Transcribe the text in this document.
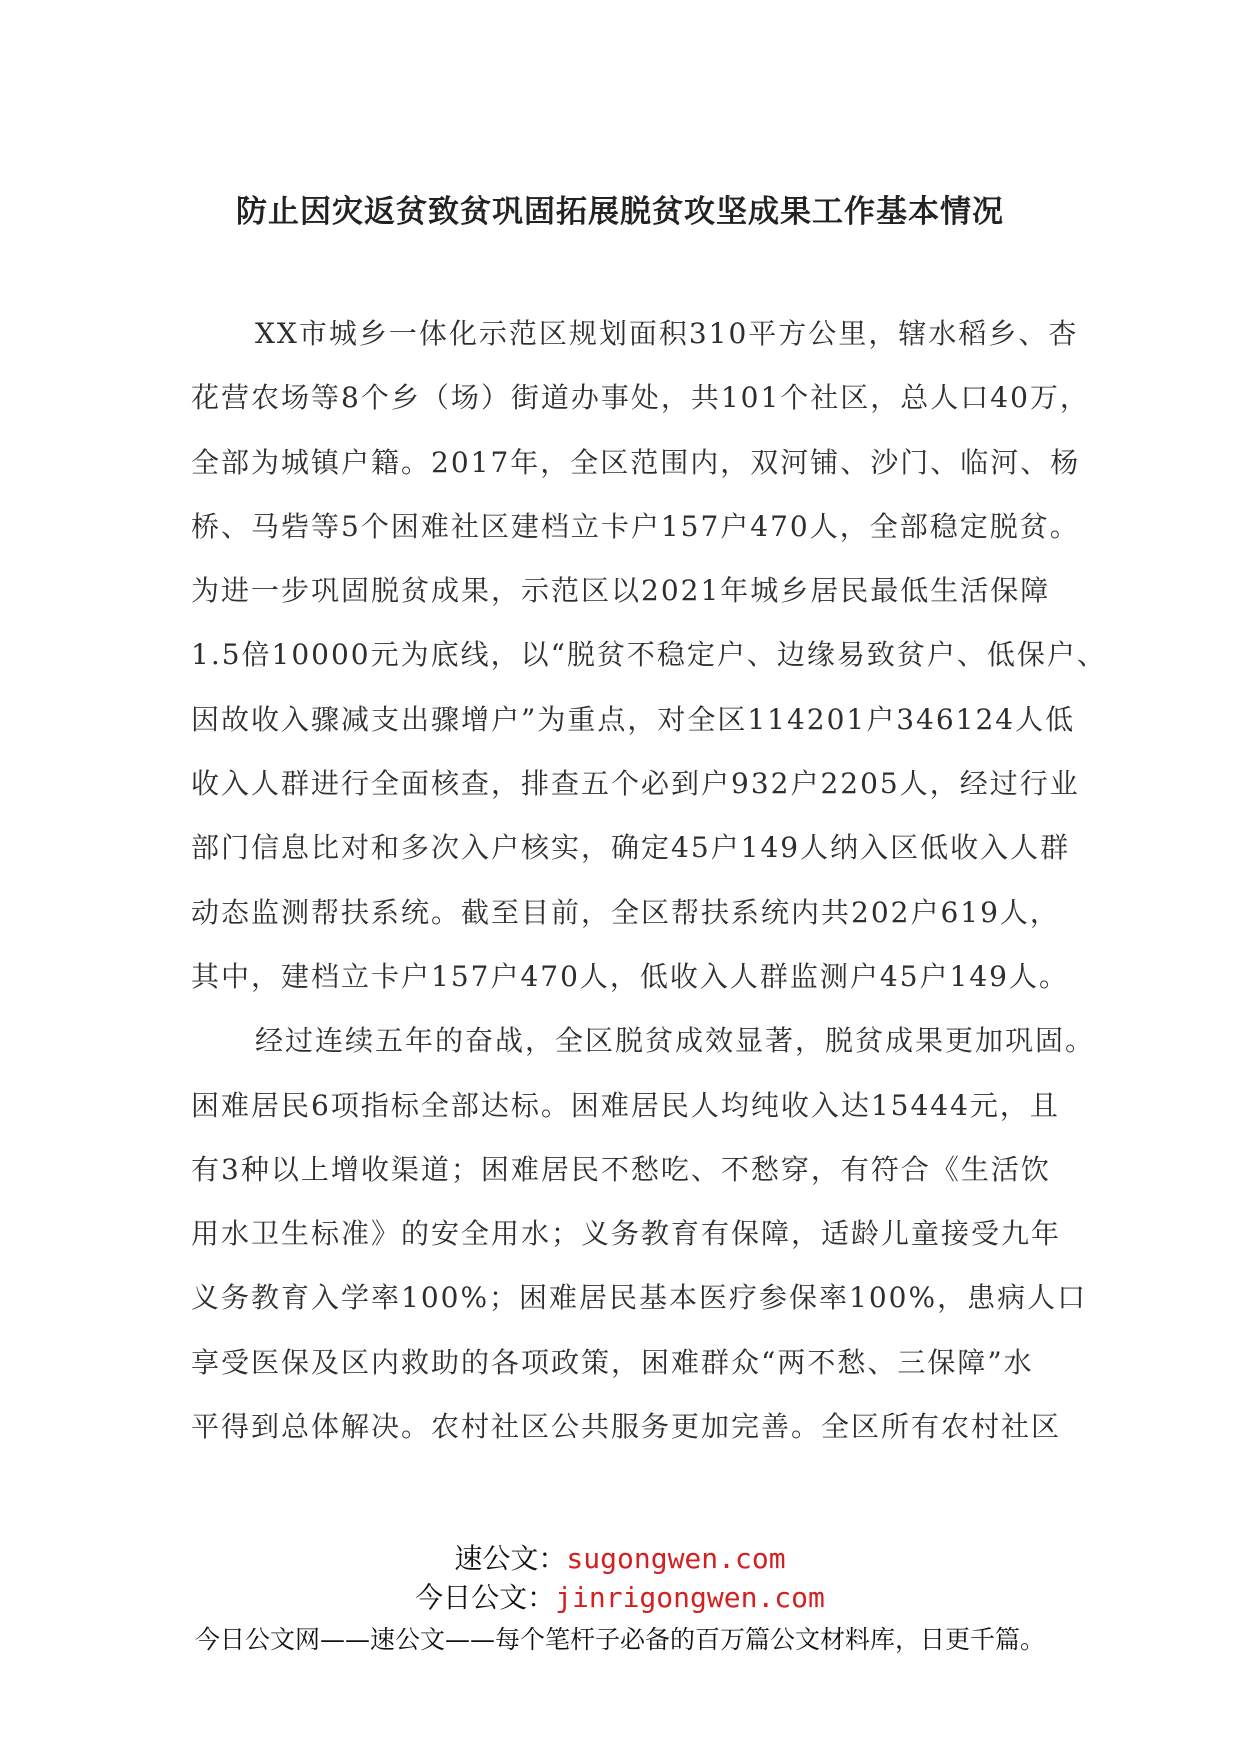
防止因灾返贫致贫巩固拓展脱贫攻坚成果工作基本情况
XX市城乡一体化示范区规划面积310平方公里，辖水稻乡、杏
花营农场等8个乡（场）街道办事处，共101个社区，总人口40万，
全部为城镇户籍。2017年，全区范围内，双河铺、沙门、临河、杨
桥、马砦等5个困难社区建档立卡户157户470人，全部稳定脱贫。
为进一步巩固脱贫成果，示范区以2021年城乡居民最低生活保障
1.5倍10000元为底线，以“脱贫不稳定户、边缘易致贫户、低保户、
因故收入骤减支出骤增户”为重点，对全区114201户346124人低
收入人群进行全面核查，排查五个必到户932户2205人，经过行业
部门信息比对和多次入户核实，确定45户149人纳入区低收入人群
动态监测帮扶系统。截至目前，全区帮扶系统内共202户619人，
其中，建档立卡户157户470人，低收入人群监测户45户149人。
经过连续五年的奋战，全区脱贫成效显著，脱贫成果更加巩固。
困难居民6项指标全部达标。困难居民人均纯收入达15444元，且
有3种以上增收渠道；困难居民不愁吃、不愁穿，有符合《生活饮
用水卫生标准》的安全用水；义务教育有保障，适龄儿童接受九年
义务教育入学率100%；困难居民基本医疗参保率100%，患病人口
享受医保及区内救助的各项政策，困难群众“两不愁、三保障”水
平得到总体解决。农村社区公共服务更加完善。全区所有农村社区
速公文：sugongwen.com
今日公文：jinrigongwen.com
今日公文网——速公文——每个笔杆子必备的百万篇公文材料库，日更千篇。
